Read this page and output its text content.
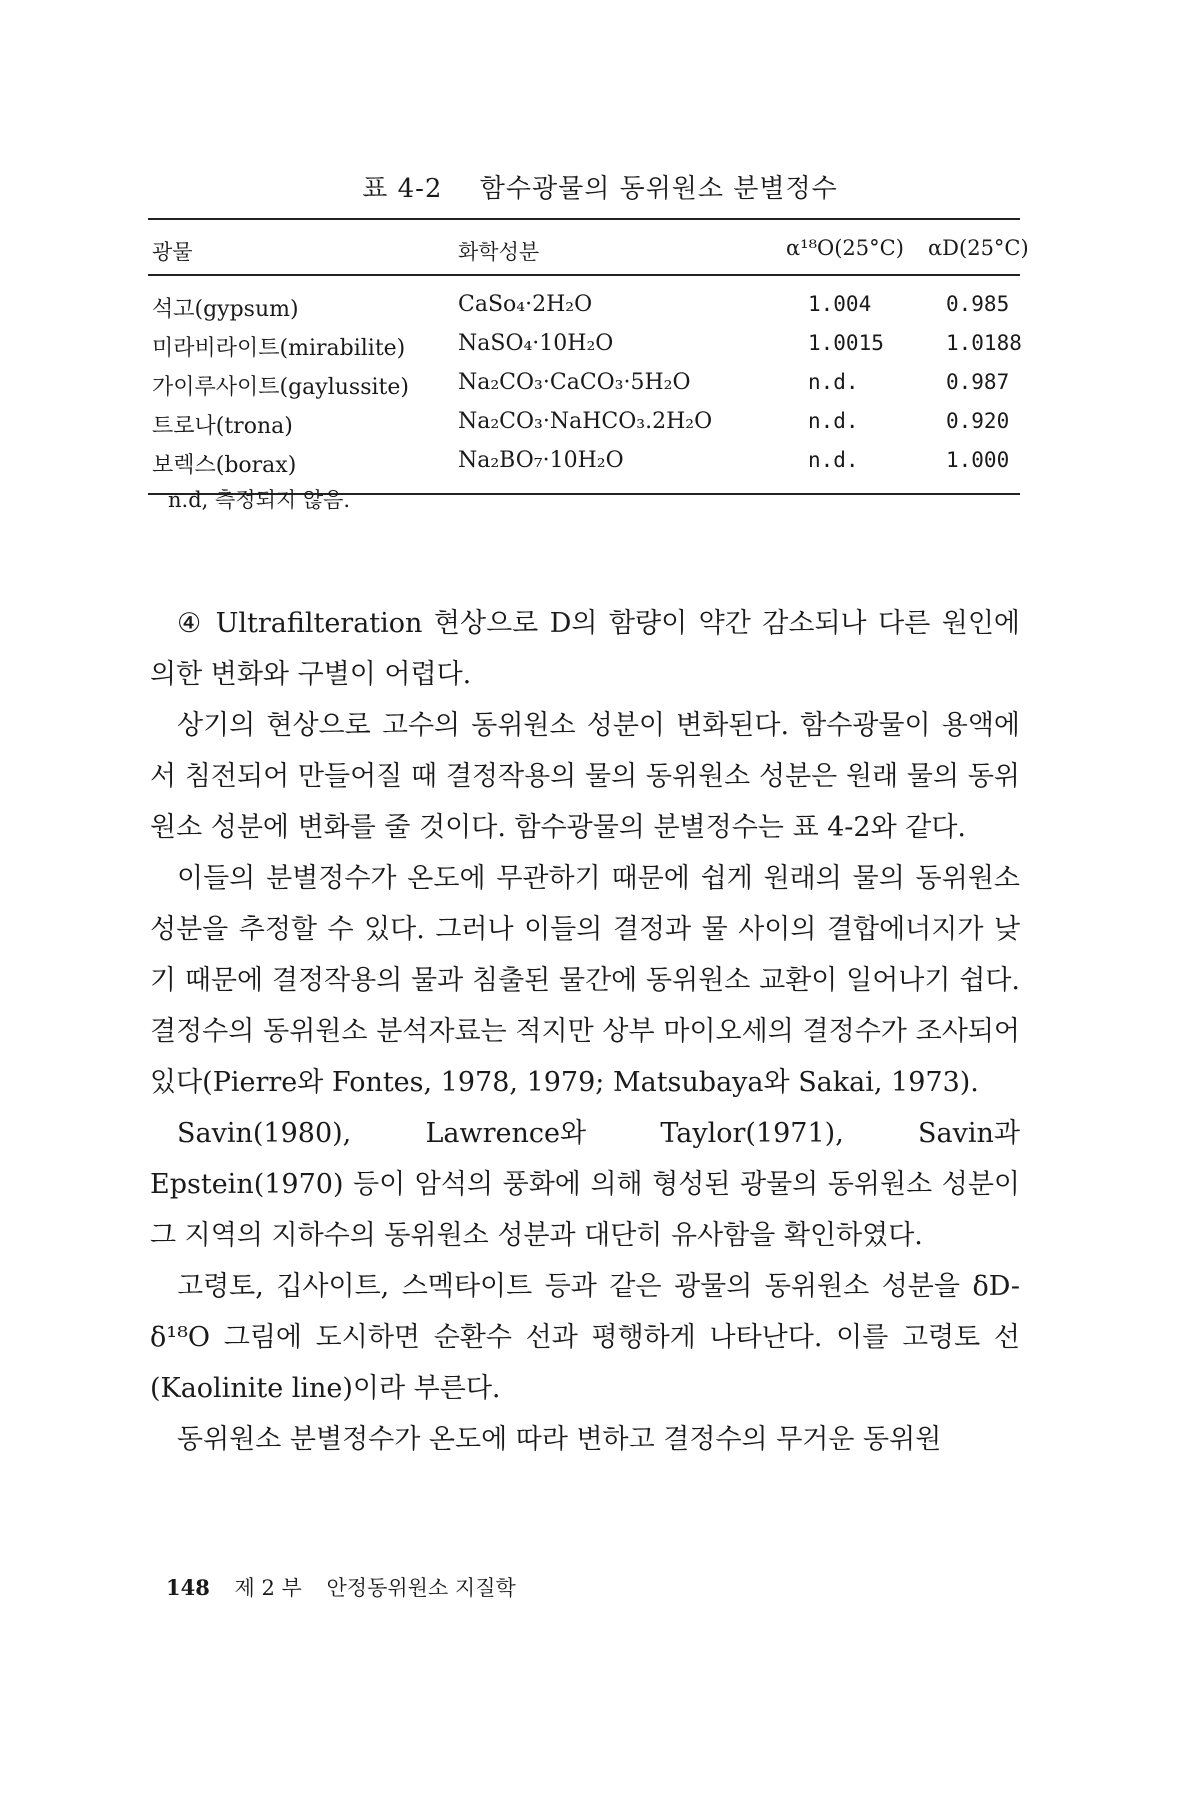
표 4-2 함수광물의 동위원소 분별정수
광물	화학성분	α¹⁸O(25°C) αD(25°C)
석고(gypsum)	CaSo₄·2H₂O	1.004	0.985
미라비라이트(mirabilite) NaSO₄·10H₂O	1.0015	1.0188
가이루사이트(gaylussite) Na₂CO₃·CaCO₃·5H₂O	n.d.	0.987
트로나(trona)	Na₂CO₃·NaHCO₃.2H₂O	n.d.	0.920
보렉스(borax)	Na₂BO₇·10H₂O	n.d.	1.000
n.d, 측정되지 않음.

④ Ultrafilteration 현상으로 D의 함량이 약간 감소되나 다른 원인에 의한 변화와 구별이 어렵다.

상기의 현상으로 고수의 동위원소 성분이 변화된다. 함수광물이 용액에서 침전되어 만들어질 때 결정작용의 물의 동위원소 성분은 원래 물의 동위원소 성분에 변화를 줄 것이다. 함수광물의 분별정수는 표 4-2와 같다.

이들의 분별정수가 온도에 무관하기 때문에 쉽게 원래의 물의 동위원소 성분을 추정할 수 있다. 그러나 이들의 결정과 물 사이의 결합에너지가 낮기 때문에 결정작용의 물과 침출된 물간에 동위원소 교환이 일어나기 쉽다. 결정수의 동위원소 분석자료는 적지만 상부 마이오세의 결정수가 조사되어 있다(Pierre와 Fontes, 1978, 1979; Matsubaya와 Sakai, 1973).

Savin(1980), Lawrence와 Taylor(1971), Savin과 Epstein(1970) 등이 암석의 풍화에 의해 형성된 광물의 동위원소 성분이 그 지역의 지하수의 동위원소 성분과 대단히 유사함을 확인하였다.

고령토, 깁사이트, 스멕타이트 등과 같은 광물의 동위원소 성분을 δD-δ¹⁸O 그림에 도시하면 순환수 선과 평행하게 나타난다. 이를 고령토 선(Kaolinite line)이라 부른다.

동위원소 분별정수가 온도에 따라 변하고 결정수의 무거운 동위원

148 제 2 부 안정동위원소 지질학
